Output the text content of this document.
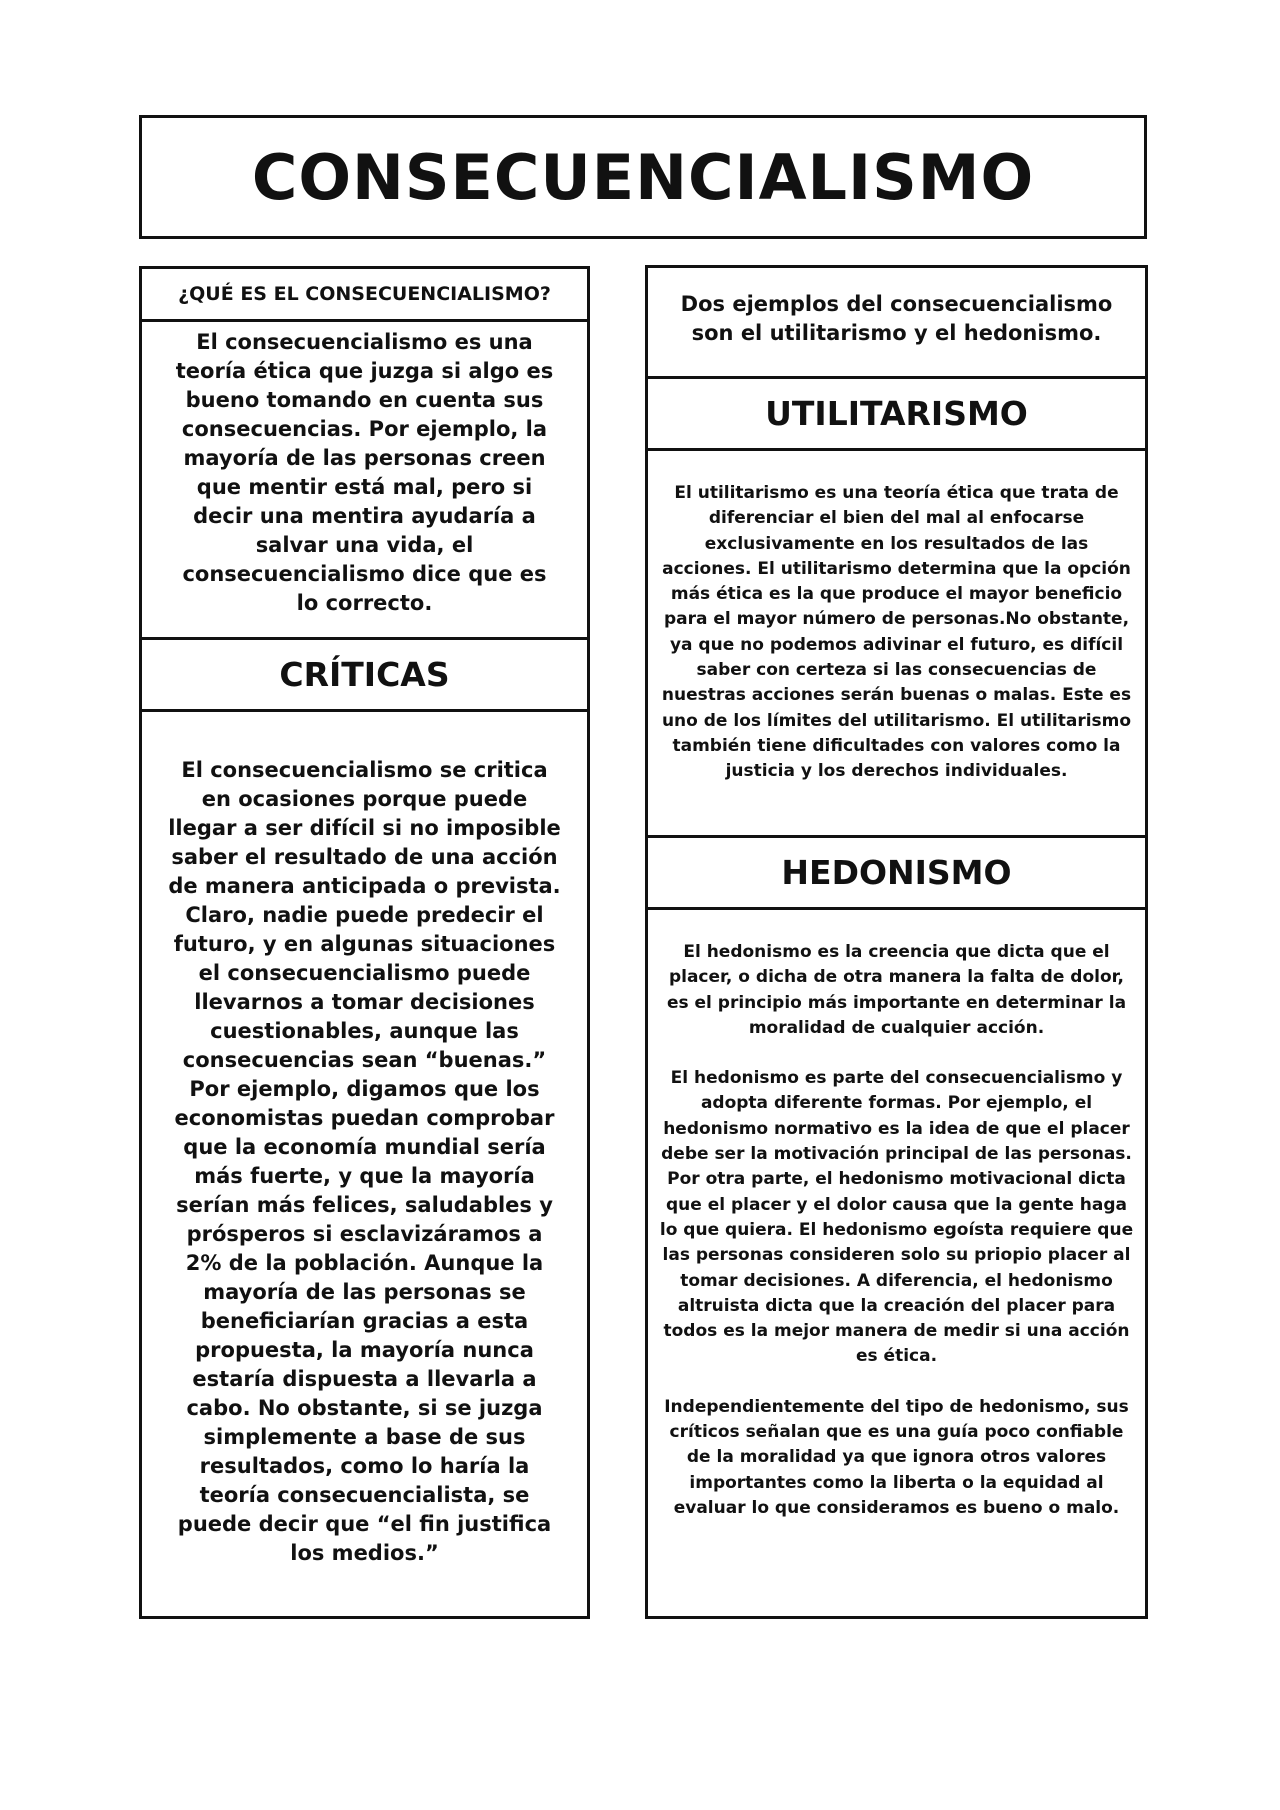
CONSECUENCIALISMO
¿QUÉ ES EL CONSECUENCIALISMO?

El consecuencialismo es una teoría ética que juzga si algo es bueno tomando en cuenta sus consecuencias. Por ejemplo, la mayoría de las personas creen que mentir está mal, pero si decir una mentira ayudaría a salvar una vida, el consecuencialismo dice que es lo correcto.

CRÍTICAS

El consecuencialismo se critica en ocasiones porque puede llegar a ser difícil si no imposible saber el resultado de una acción de manera anticipada o prevista. Claro, nadie puede predecir el futuro, y en algunas situaciones el consecuencialismo puede llevarnos a tomar decisiones cuestionables, aunque las consecuencias sean “buenas.” Por ejemplo, digamos que los economistas puedan comprobar que la economía mundial sería más fuerte, y que la mayoría serían más felices, saludables y prósperos si esclavizáramos a 2% de la población. Aunque la mayoría de las personas se beneficiarían gracias a esta propuesta, la mayoría nunca estaría dispuesta a llevarla a cabo. No obstante, si se juzga simplemente a base de sus resultados, como lo haría la teoría consecuencialista, se puede decir que “el fin justifica los medios.”

Dos ejemplos del consecuencialismo son el utilitarismo y el hedonismo.

UTILITARISMO

El utilitarismo es una teoría ética que trata de diferenciar el bien del mal al enfocarse exclusivamente en los resultados de las acciones. El utilitarismo determina que la opción más ética es la que produce el mayor beneficio para el mayor número de personas.No obstante, ya que no podemos adivinar el futuro, es difícil saber con certeza si las consecuencias de nuestras acciones serán buenas o malas. Este es uno de los límites del utilitarismo. El utilitarismo también tiene dificultades con valores como la justicia y los derechos individuales.

HEDONISMO

El hedonismo es la creencia que dicta que el placer, o dicha de otra manera la falta de dolor, es el principio más importante en determinar la moralidad de cualquier acción.

El hedonismo es parte del consecuencialismo y adopta diferente formas. Por ejemplo, el hedonismo normativo es la idea de que el placer debe ser la motivación principal de las personas. Por otra parte, el hedonismo motivacional dicta que el placer y el dolor causa que la gente haga lo que quiera. El hedonismo egoísta requiere que las personas consideren solo su priopio placer al tomar decisiones. A diferencia, el hedonismo altruista dicta que la creación del placer para todos es la mejor manera de medir si una acción es ética.

Independientemente del tipo de hedonismo, sus críticos señalan que es una guía poco confiable de la moralidad ya que ignora otros valores importantes como la liberta o la equidad al evaluar lo que consideramos es bueno o malo.
